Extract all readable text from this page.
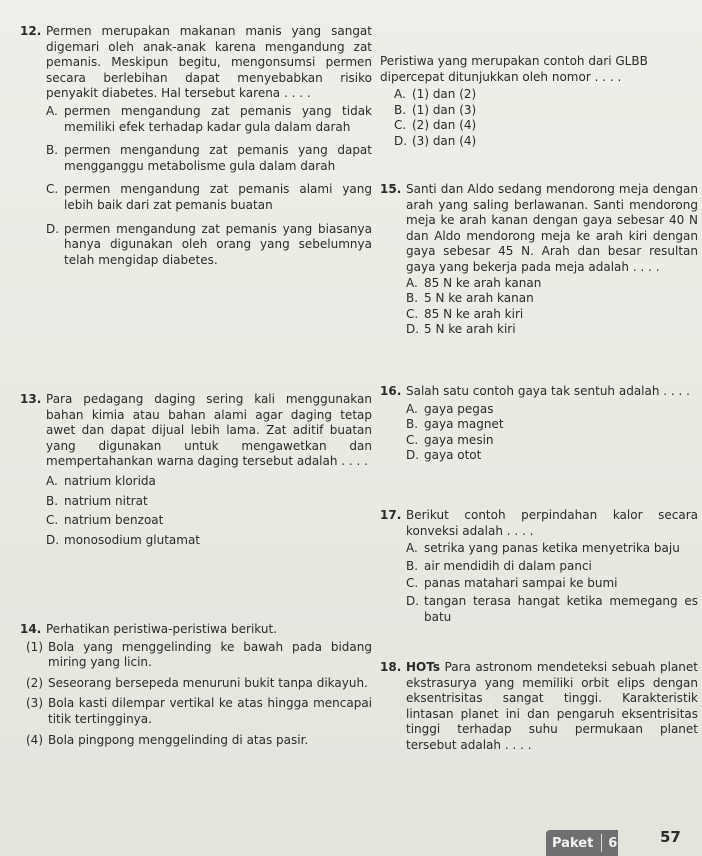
12. Permen merupakan makanan manis yang sangat digemari oleh anak-anak karena mengandung zat pemanis. Meskipun begitu, mengonsumsi permen secara berlebihan dapat menyebabkan risiko penyakit diabetes. Hal tersebut karena . . . .
A. permen mengandung zat pemanis yang tidak memiliki efek terhadap kadar gula dalam darah
B. permen mengandung zat pemanis yang dapat mengganggu metabolisme gula dalam darah
C. permen mengandung zat pemanis alami yang lebih baik dari zat pemanis buatan
D. permen mengandung zat pemanis yang biasanya hanya digunakan oleh orang yang sebelumnya telah mengidap diabetes.
13. Para pedagang daging sering kali menggunakan bahan kimia atau bahan alami agar daging tetap awet dan dapat dijual lebih lama. Zat aditif buatan yang digunakan untuk mengawetkan dan mempertahankan warna daging tersebut adalah . . . .
A. natrium klorida
B. natrium nitrat
C. natrium benzoat
D. monosodium glutamat
14. Perhatikan peristiwa-peristiwa berikut.
(1) Bola yang menggelinding ke bawah pada bidang miring yang licin.
(2) Seseorang bersepeda menuruni bukit tanpa dikayuh.
(3) Bola kasti dilempar vertikal ke atas hingga mencapai titik tertingginya.
(4) Bola pingpong menggelinding di atas pasir.
Peristiwa yang merupakan contoh dari GLBB dipercepat ditunjukkan oleh nomor . . . .
A. (1) dan (2)
B. (1) dan (3)
C. (2) dan (4)
D. (3) dan (4)
15. Santi dan Aldo sedang mendorong meja dengan arah yang saling berlawanan. Santi mendorong meja ke arah kanan dengan gaya sebesar 40 N dan Aldo mendorong meja ke arah kiri dengan gaya sebesar 45 N. Arah dan besar resultan gaya yang bekerja pada meja adalah . . . .
A. 85 N ke arah kanan
B. 5 N ke arah kanan
C. 85 N ke arah kiri
D. 5 N ke arah kiri
16. Salah satu contoh gaya tak sentuh adalah . . . .
A. gaya pegas
B. gaya magnet
C. gaya mesin
D. gaya otot
17. Berikut contoh perpindahan kalor secara konveksi adalah . . . .
A. setrika yang panas ketika menyetrika baju
B. air mendidih di dalam panci
C. panas matahari sampai ke bumi
D. tangan terasa hangat ketika memegang es batu
18. HOTs Para astronom mendeteksi sebuah planet ekstrasurya yang memiliki orbit elips dengan eksentrisitas sangat tinggi. Karakteristik lintasan planet ini dan pengaruh eksentrisitas tinggi terhadap suhu permukaan planet tersebut adalah . . . .
Paket 6	57
